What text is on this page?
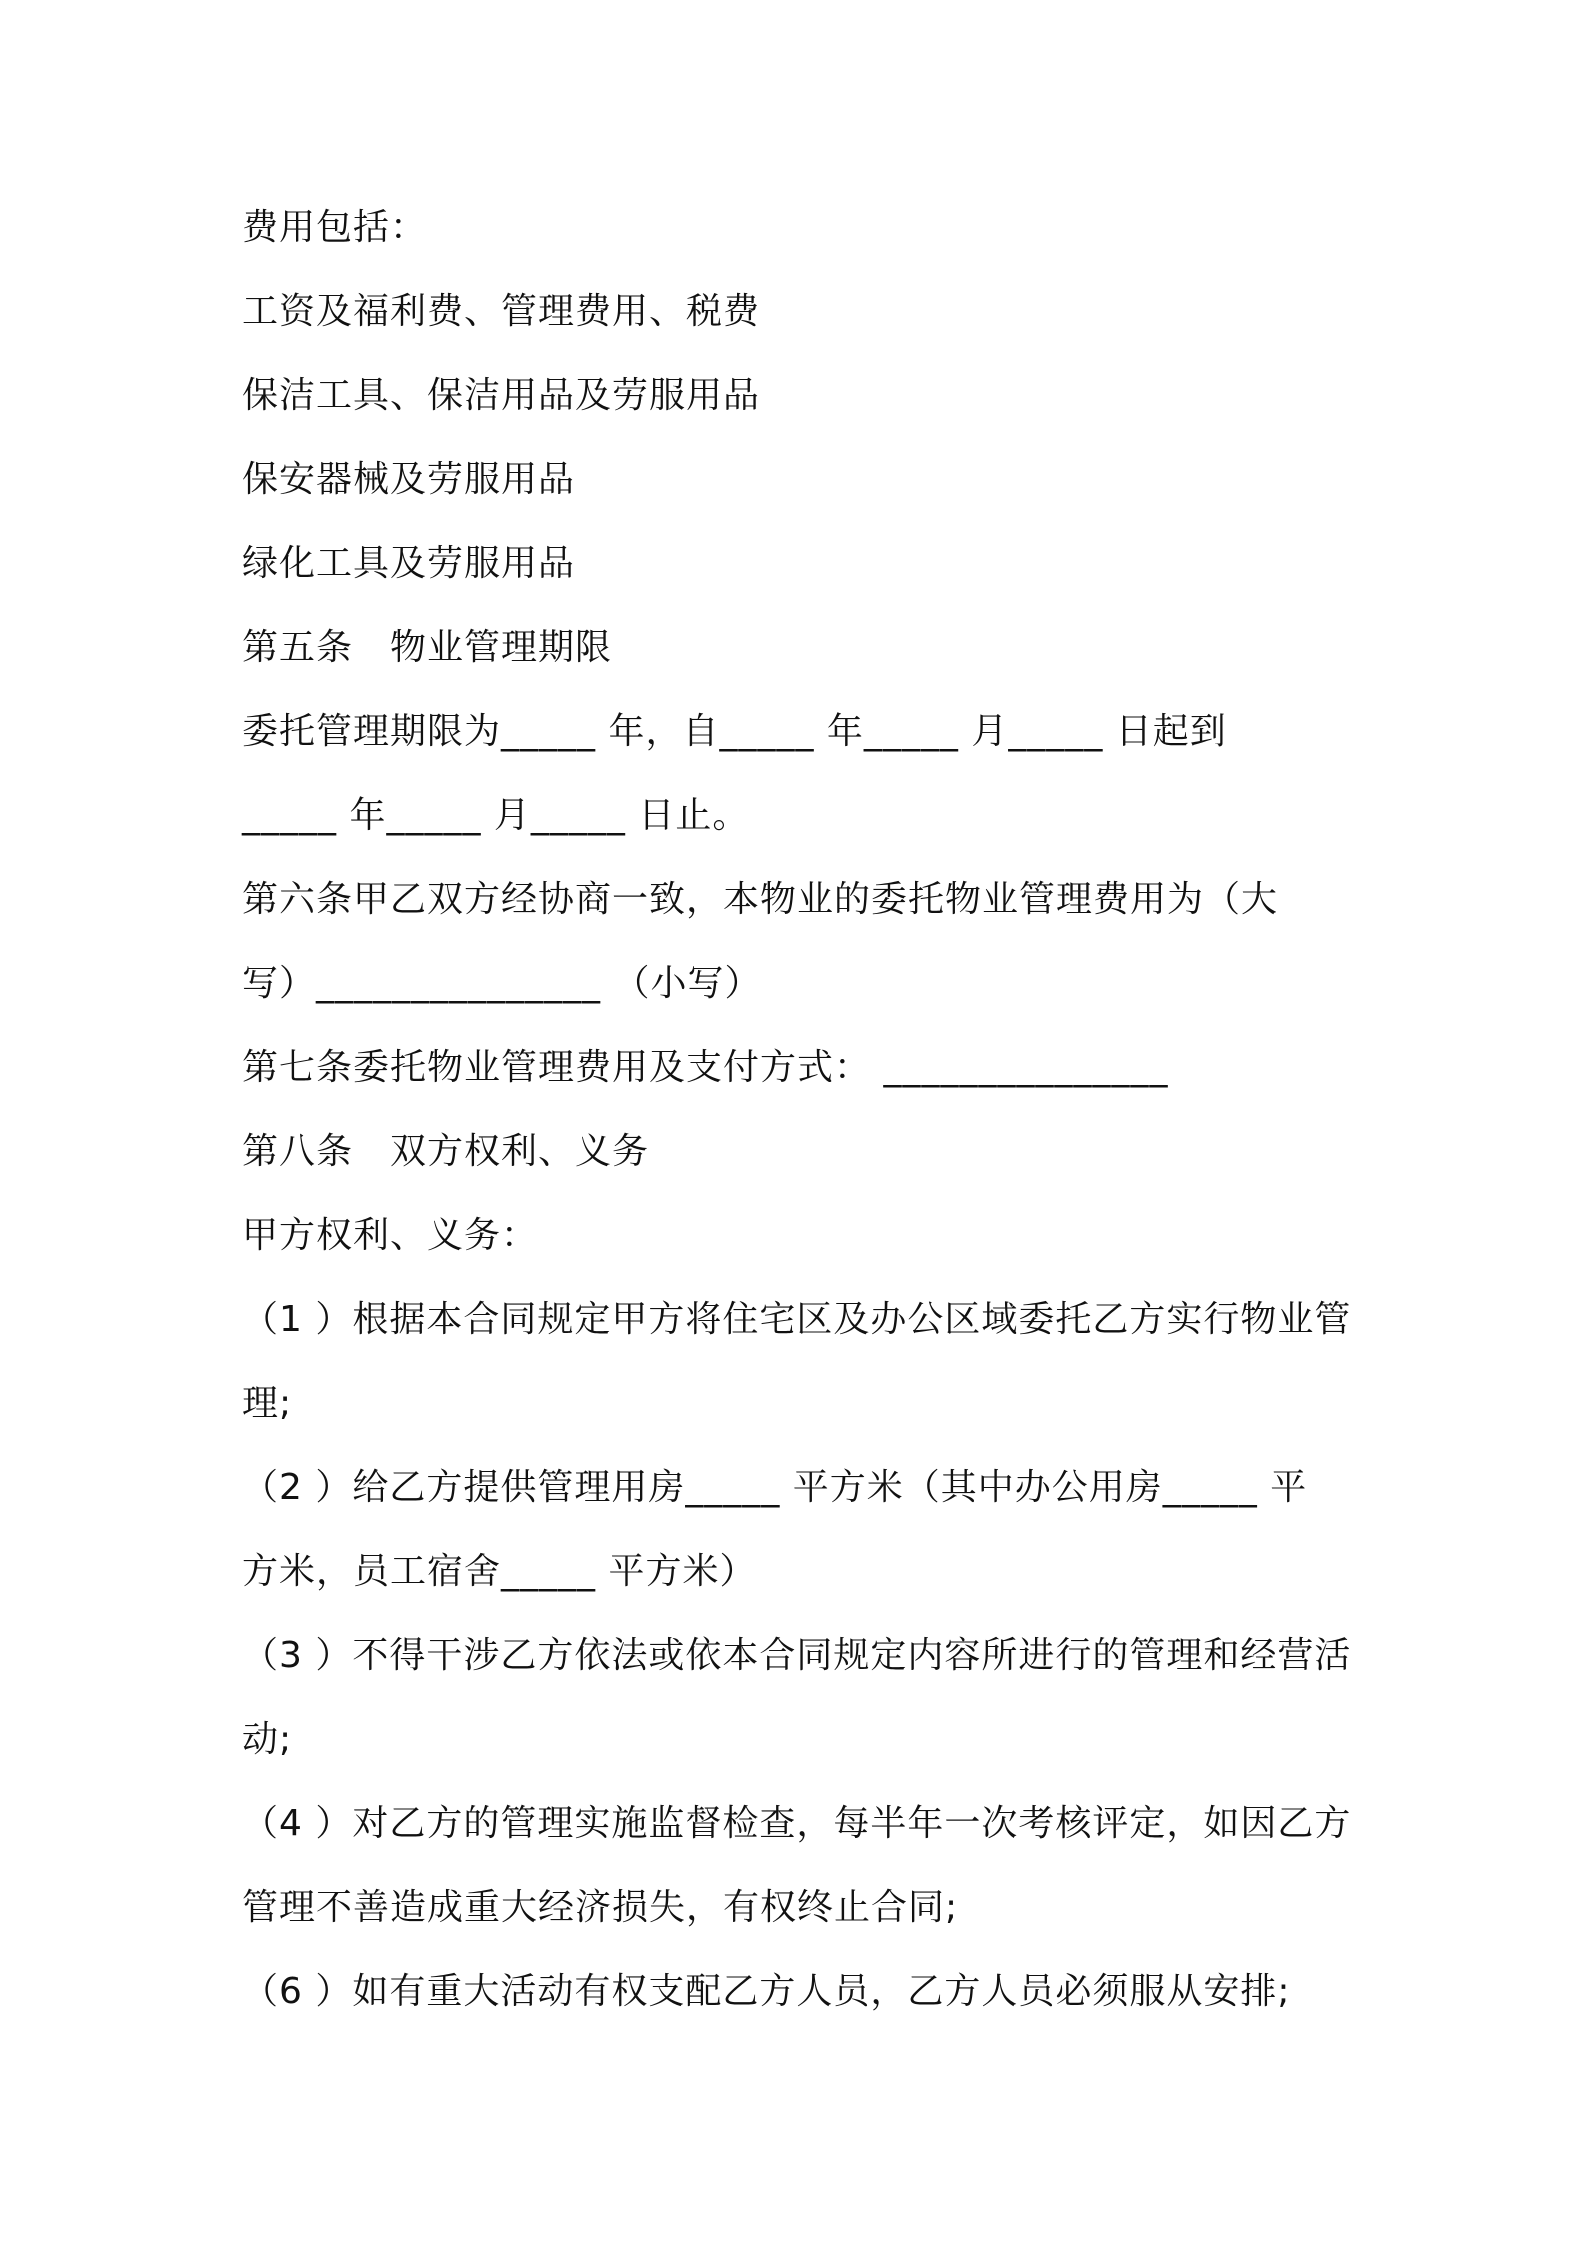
费用包括：
工资及福利费、管理费用、税费
保洁工具、保洁用品及劳服用品
保安器械及劳服用品
绿化工具及劳服用品
第五条　物业管理期限
委托管理期限为_____ 年，自_____ 年_____ 月_____ 日起到
_____ 年_____ 月_____ 日止。
第六条甲乙双方经协商一致，本物业的委托物业管理费用为（大
写）_______________ （小写）
第七条委托物业管理费用及支付方式： _______________
第八条　双方权利、义务
甲方权利、义务：
（1 ）根据本合同规定甲方将住宅区及办公区域委托乙方实行物业管
理;
（2 ）给乙方提供管理用房_____ 平方米（其中办公用房_____ 平
方米，员工宿舍_____ 平方米）
（3 ）不得干涉乙方依法或依本合同规定内容所进行的管理和经营活
动;
（4 ）对乙方的管理实施监督检查，每半年一次考核评定，如因乙方
管理不善造成重大经济损失，有权终止合同;
（6 ）如有重大活动有权支配乙方人员，乙方人员必须服从安排;
